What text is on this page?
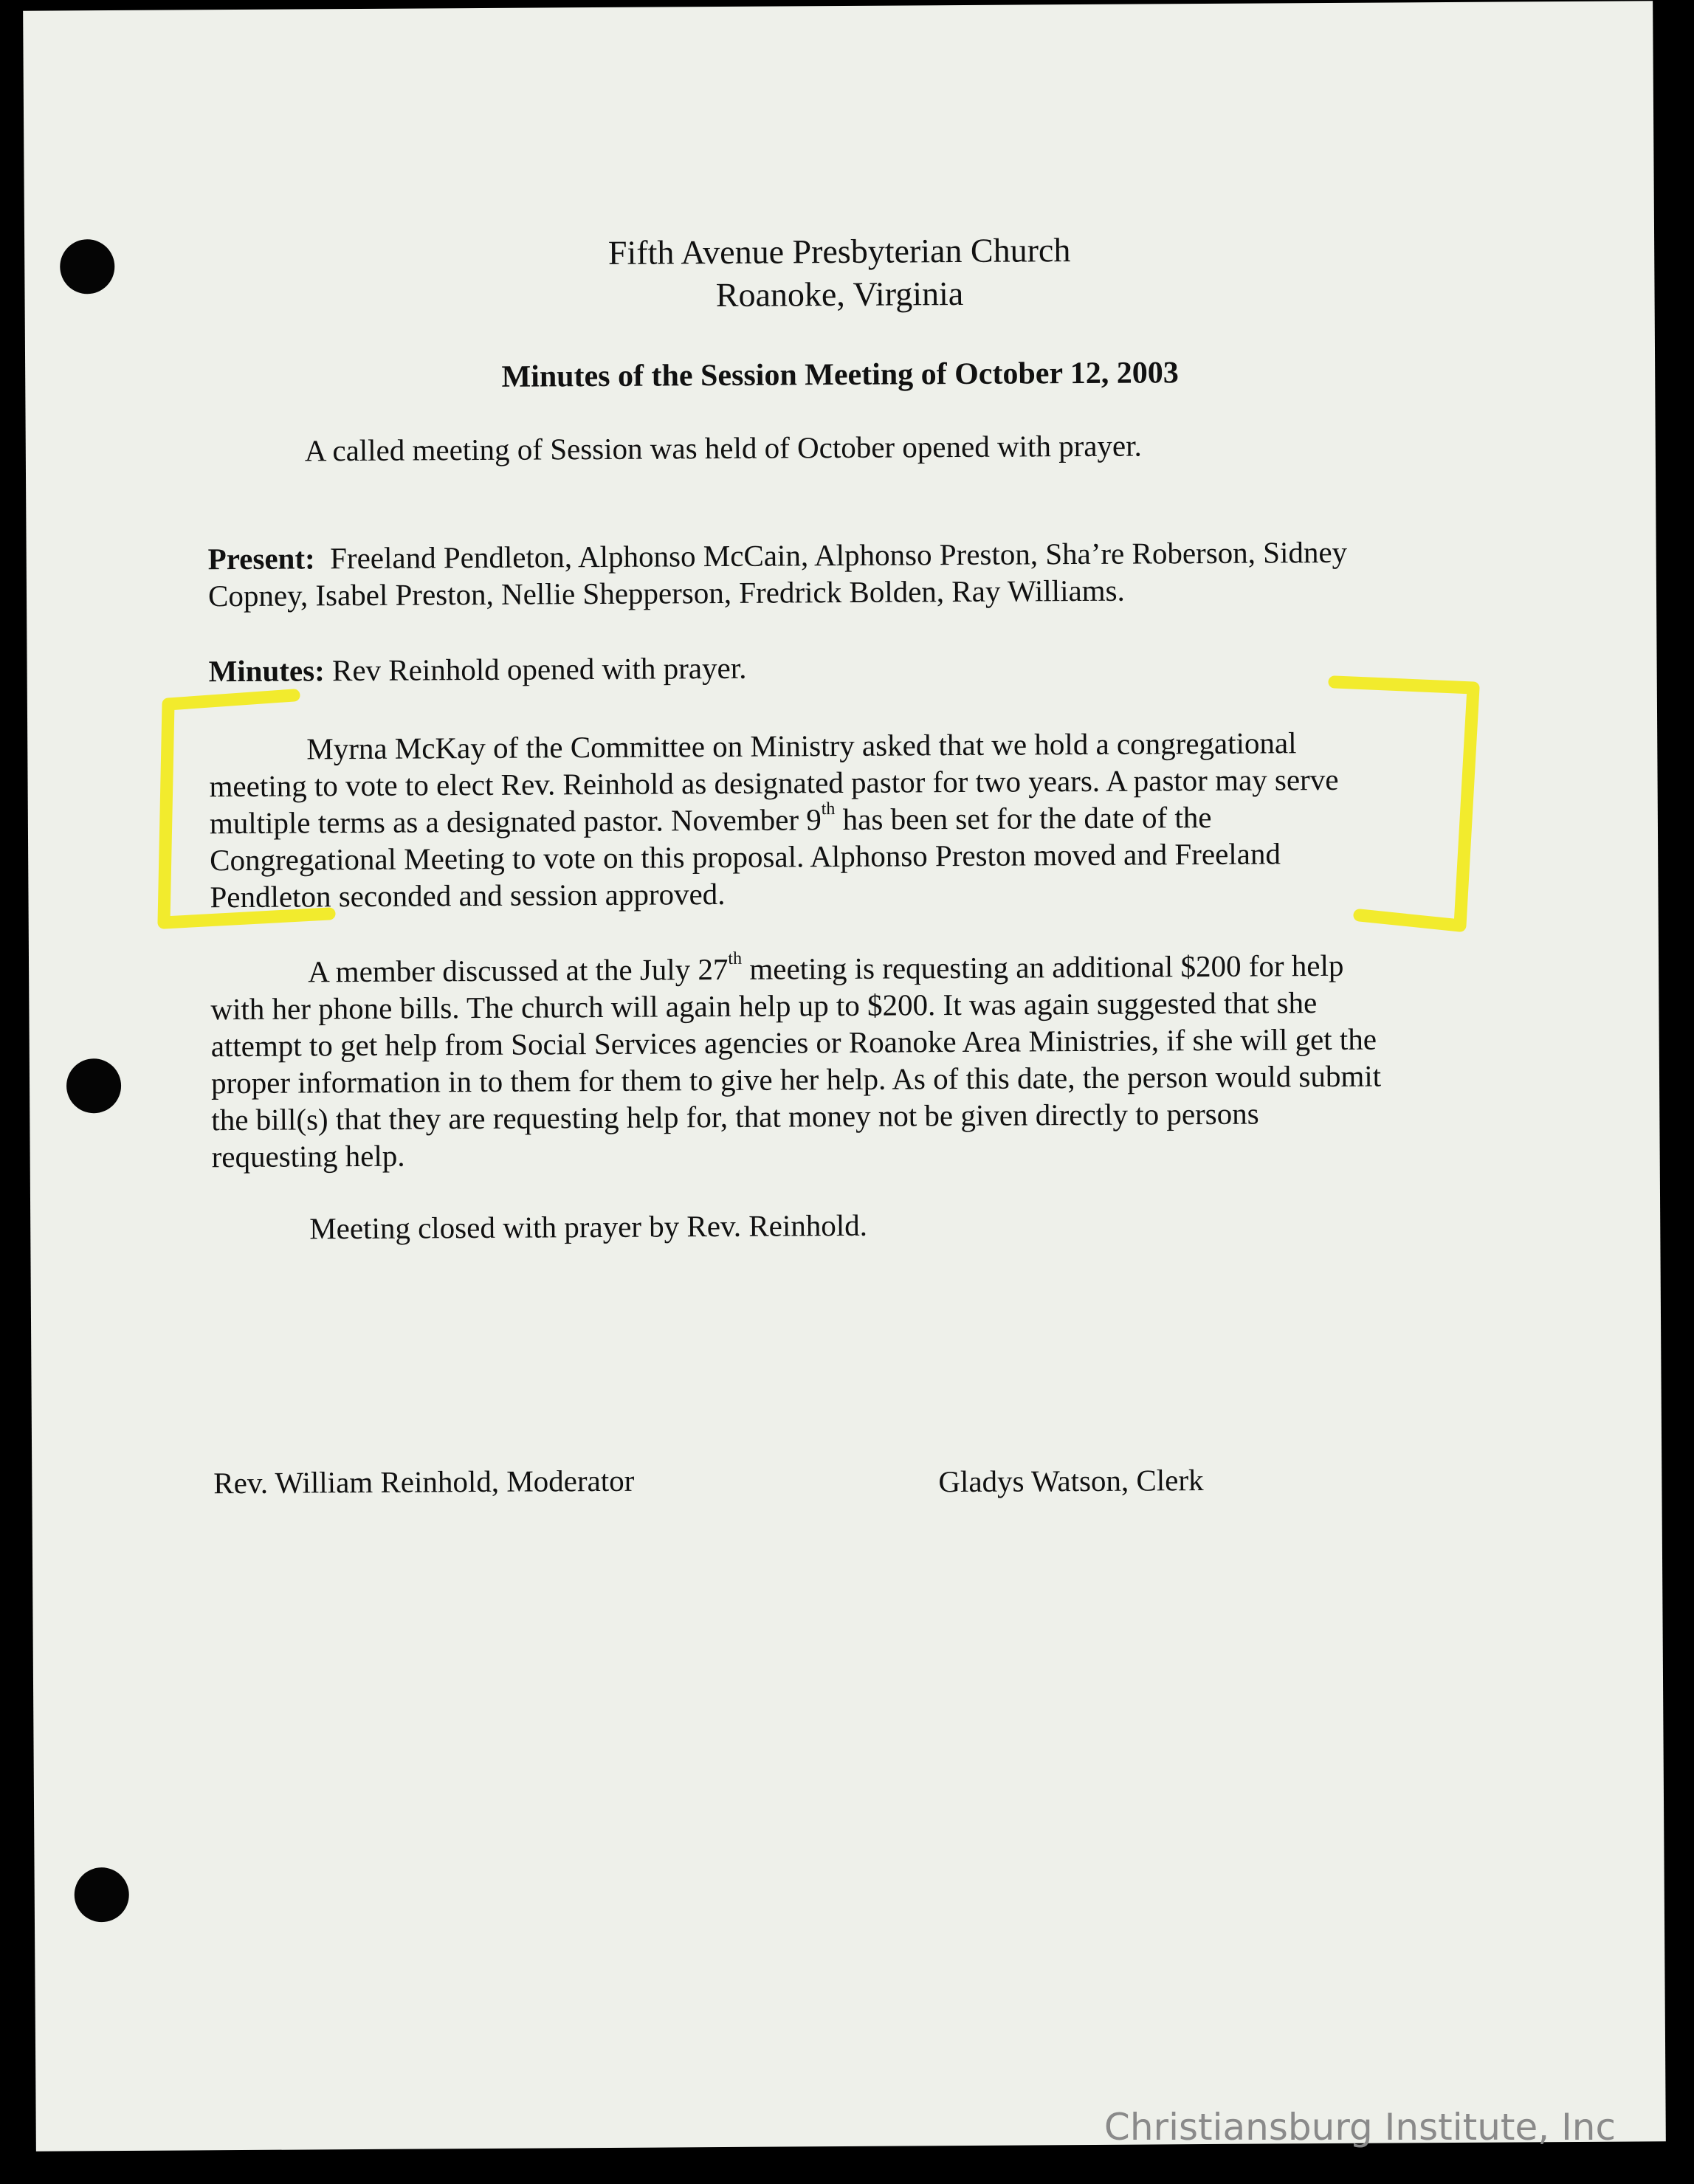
Fifth Avenue Presbyterian Church
Roanoke, Virginia
Minutes of the Session Meeting of October 12, 2003
A called meeting of Session was held of October opened with prayer.
Present: Freeland Pendleton, Alphonso McCain, Alphonso Preston, Sha’re Roberson, Sidney
Copney, Isabel Preston, Nellie Shepperson, Fredrick Bolden, Ray Williams.
Minutes: Rev Reinhold opened with prayer.
Myrna McKay of the Committee on Ministry asked that we hold a congregational
meeting to vote to elect Rev. Reinhold as designated pastor for two years. A pastor may serve
multiple terms as a designated pastor. November 9th has been set for the date of the
Congregational Meeting to vote on this proposal. Alphonso Preston moved and Freeland
Pendleton seconded and session approved.
A member discussed at the July 27th meeting is requesting an additional $200 for help
with her phone bills. The church will again help up to $200. It was again suggested that she
attempt to get help from Social Services agencies or Roanoke Area Ministries, if she will get the
proper information in to them for them to give her help. As of this date, the person would submit
the bill(s) that they are requesting help for, that money not be given directly to persons
requesting help.
Meeting closed with prayer by Rev. Reinhold.
Rev. William Reinhold, Moderator	Gladys Watson, Clerk
Christiansburg Institute, Inc
